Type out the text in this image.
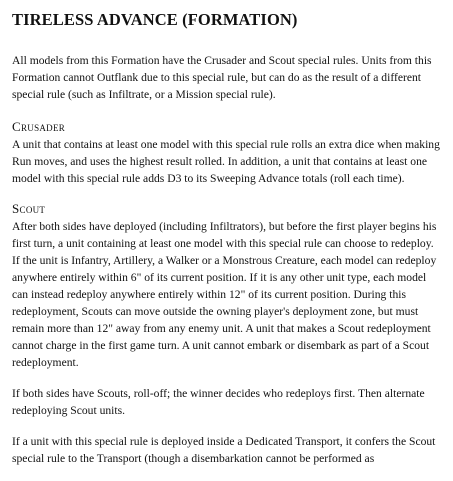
TIRELESS ADVANCE (FORMATION)

All models from this Formation have the Crusader and Scout special rules. Units from this Formation cannot Outflank due to this special rule, but can do as the result of a different special rule (such as Infiltrate, or a Mission special rule).

Crusader

A unit that contains at least one model with this special rule rolls an extra dice when making Run moves, and uses the highest result rolled. In addition, a unit that contains at least one model with this special rule adds D3 to its Sweeping Advance totals (roll each time).

Scout

After both sides have deployed (including Infiltrators), but before the first player begins his first turn, a unit containing at least one model with this special rule can choose to redeploy. If the unit is Infantry, Artillery, a Walker or a Monstrous Creature, each model can redeploy anywhere entirely within 6" of its current position. If it is any other unit type, each model can instead redeploy anywhere entirely within 12" of its current position. During this redeployment, Scouts can move outside the owning player's deployment zone, but must remain more than 12" away from any enemy unit. A unit that makes a Scout redeployment cannot charge in the first game turn. A unit cannot embark or disembark as part of a Scout redeployment.

If both sides have Scouts, roll-off; the winner decides who redeploys first. Then alternate redeploying Scout units.

If a unit with this special rule is deployed inside a Dedicated Transport, it confers the Scout special rule to the Transport (though a disembarkation cannot be performed as
